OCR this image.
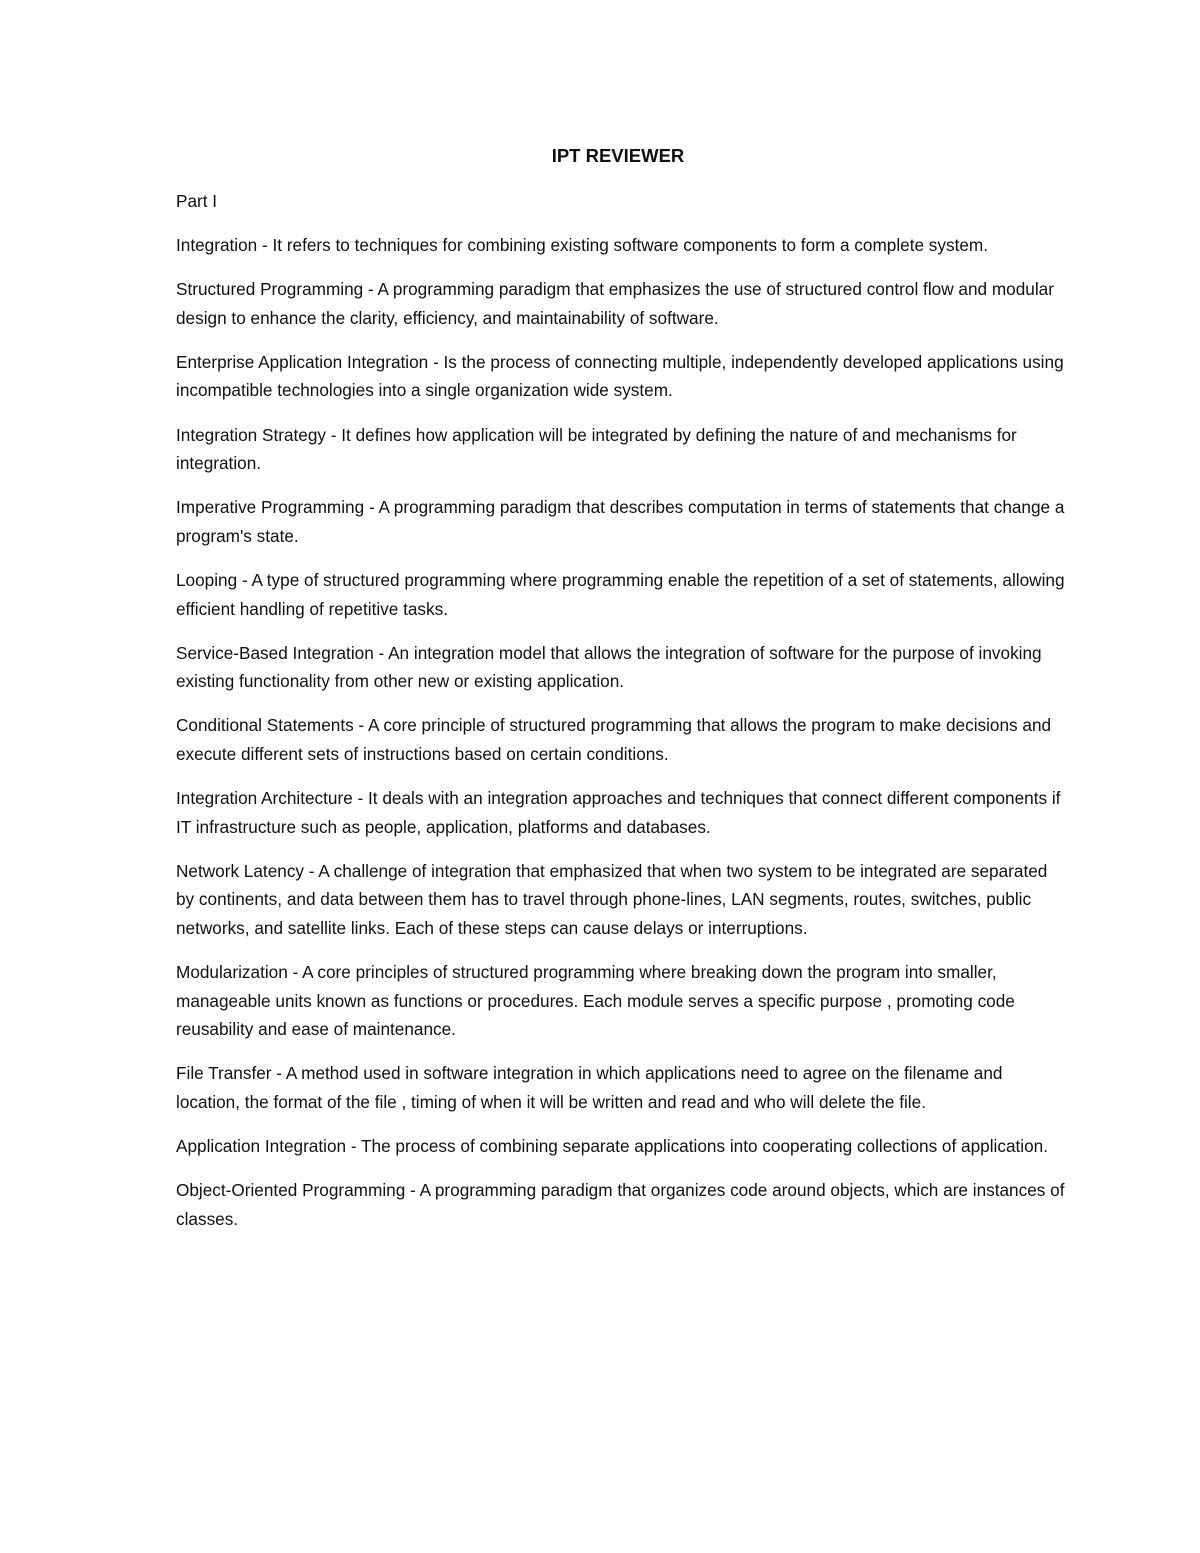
IPT REVIEWER

Part I

Integration - It refers to techniques for combining existing software components to form a complete system.

Structured Programming - A programming paradigm that emphasizes the use of structured control flow and modular design to enhance the clarity, efficiency, and maintainability of software.

Enterprise Application Integration - Is the process of connecting multiple, independently developed applications using incompatible technologies into a single organization wide system.

Integration Strategy - It defines how application will be integrated by defining the nature of and mechanisms for integration.

Imperative Programming - A programming paradigm that describes computation in terms of statements that change a program's state.

Looping - A type of structured programming where programming enable the repetition of a set of statements, allowing efficient handling of repetitive tasks.

Service-Based Integration - An integration model that allows the integration of software for the purpose of invoking existing functionality from other new or existing application.

Conditional Statements - A core principle of structured programming that allows the program to make decisions and execute different sets of instructions based on certain conditions.

Integration Architecture - It deals with an integration approaches and techniques that connect different components if IT infrastructure such as people, application, platforms and databases.

Network Latency - A challenge of integration that emphasized that when two system to be integrated are separated by continents, and data between them has to travel through phone-lines, LAN segments, routes, switches, public networks, and satellite links. Each of these steps can cause delays or interruptions.

Modularization - A core principles of structured programming where breaking down the program into smaller, manageable units known as functions or procedures. Each module serves a specific purpose , promoting code reusability and ease of maintenance.

File Transfer - A method used in software integration in which applications need to agree on the filename and location, the format of the file , timing of when it will be written and read and who will delete the file.

Application Integration - The process of combining separate applications into cooperating collections of application.

Object-Oriented Programming - A programming paradigm that organizes code around objects, which are instances of classes.
